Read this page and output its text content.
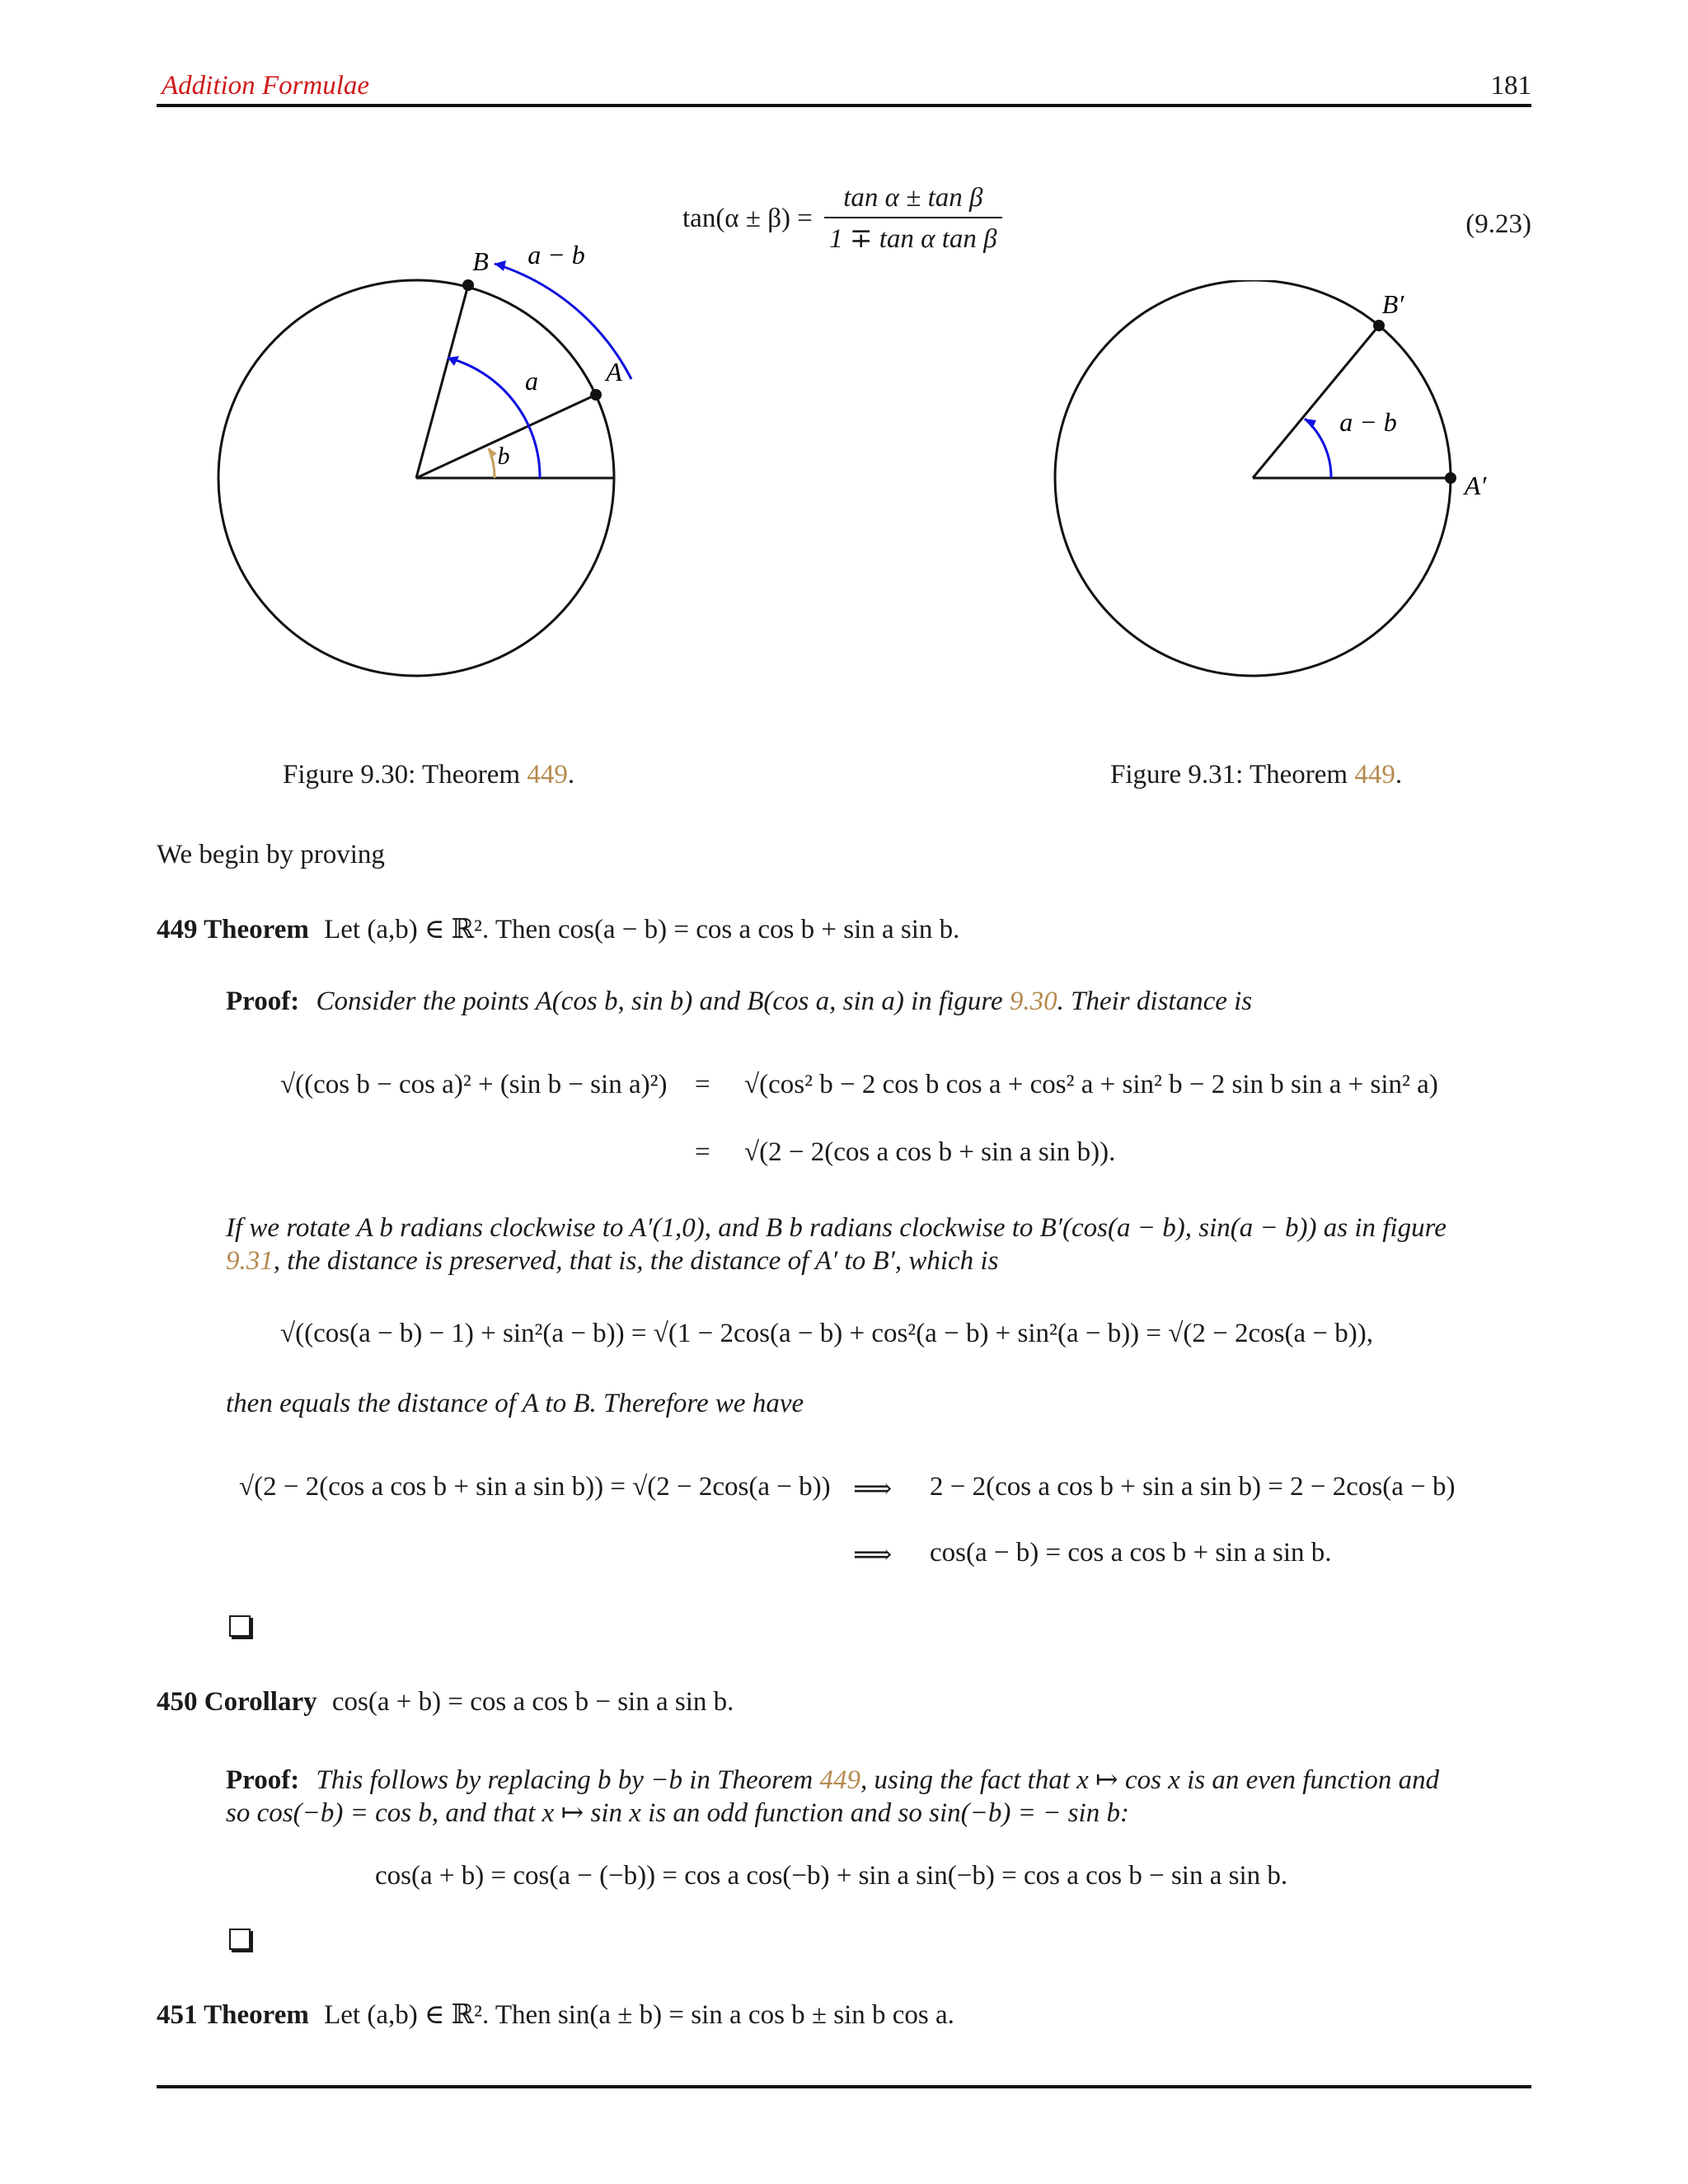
Addition Formulae	181
$\tan(\alpha \pm \beta) = \frac{\text{tan α ± tan β}}{\text{1 ∓ tan α tan β}}$	(9.23)
B
A
a − b
a
b
B′
A′
a − b
Figure 9.30: Theorem 449.	Figure 9.31: Theorem 449.
We begin by proving
449 Theorem Let (a,b) ∈ ℝ². Then cos(a − b) = cos a cos b + sin a sin b.
Proof: Consider the points A(cos b, sin b) and B(cos a, sin a) in figure 9.30. Their distance is
√((cos b − cos a)² + (sin b − sin a)²) = √(cos² b − 2 cos b cos a + cos² a + sin² b − 2 sin b sin a + sin² a)
= √(2 − 2(cos a cos b + sin a sin b)).
If we rotate A b radians clockwise to A′(1,0), and B b radians clockwise to B′(cos(a − b), sin(a − b)) as in figure 9.31, the distance is preserved, that is, the distance of A′ to B′, which is
√((cos(a − b) − 1) + sin²(a − b)) = √(1 − 2cos(a − b) + cos²(a − b) + sin²(a − b)) = √(2 − 2cos(a − b)),
then equals the distance of A to B. Therefore we have
√(2 − 2(cos a cos b + sin a sin b)) = √(2 − 2cos(a − b)) ⟹ 2 − 2(cos a cos b + sin a sin b) = 2 − 2cos(a − b)
⟹ cos(a − b) = cos a cos b + sin a sin b.
450 Corollary cos(a + b) = cos a cos b − sin a sin b.
Proof: This follows by replacing b by −b in Theorem 449, using the fact that x ↦ cos x is an even function and
so cos(−b) = cos b, and that x ↦ sin x is an odd function and so sin(−b) = − sin b:
cos(a + b) = cos(a − (−b)) = cos a cos(−b) + sin a sin(−b) = cos a cos b − sin a sin b.
451 Theorem Let (a,b) ∈ ℝ². Then sin(a ± b) = sin a cos b ± sin b cos a.
